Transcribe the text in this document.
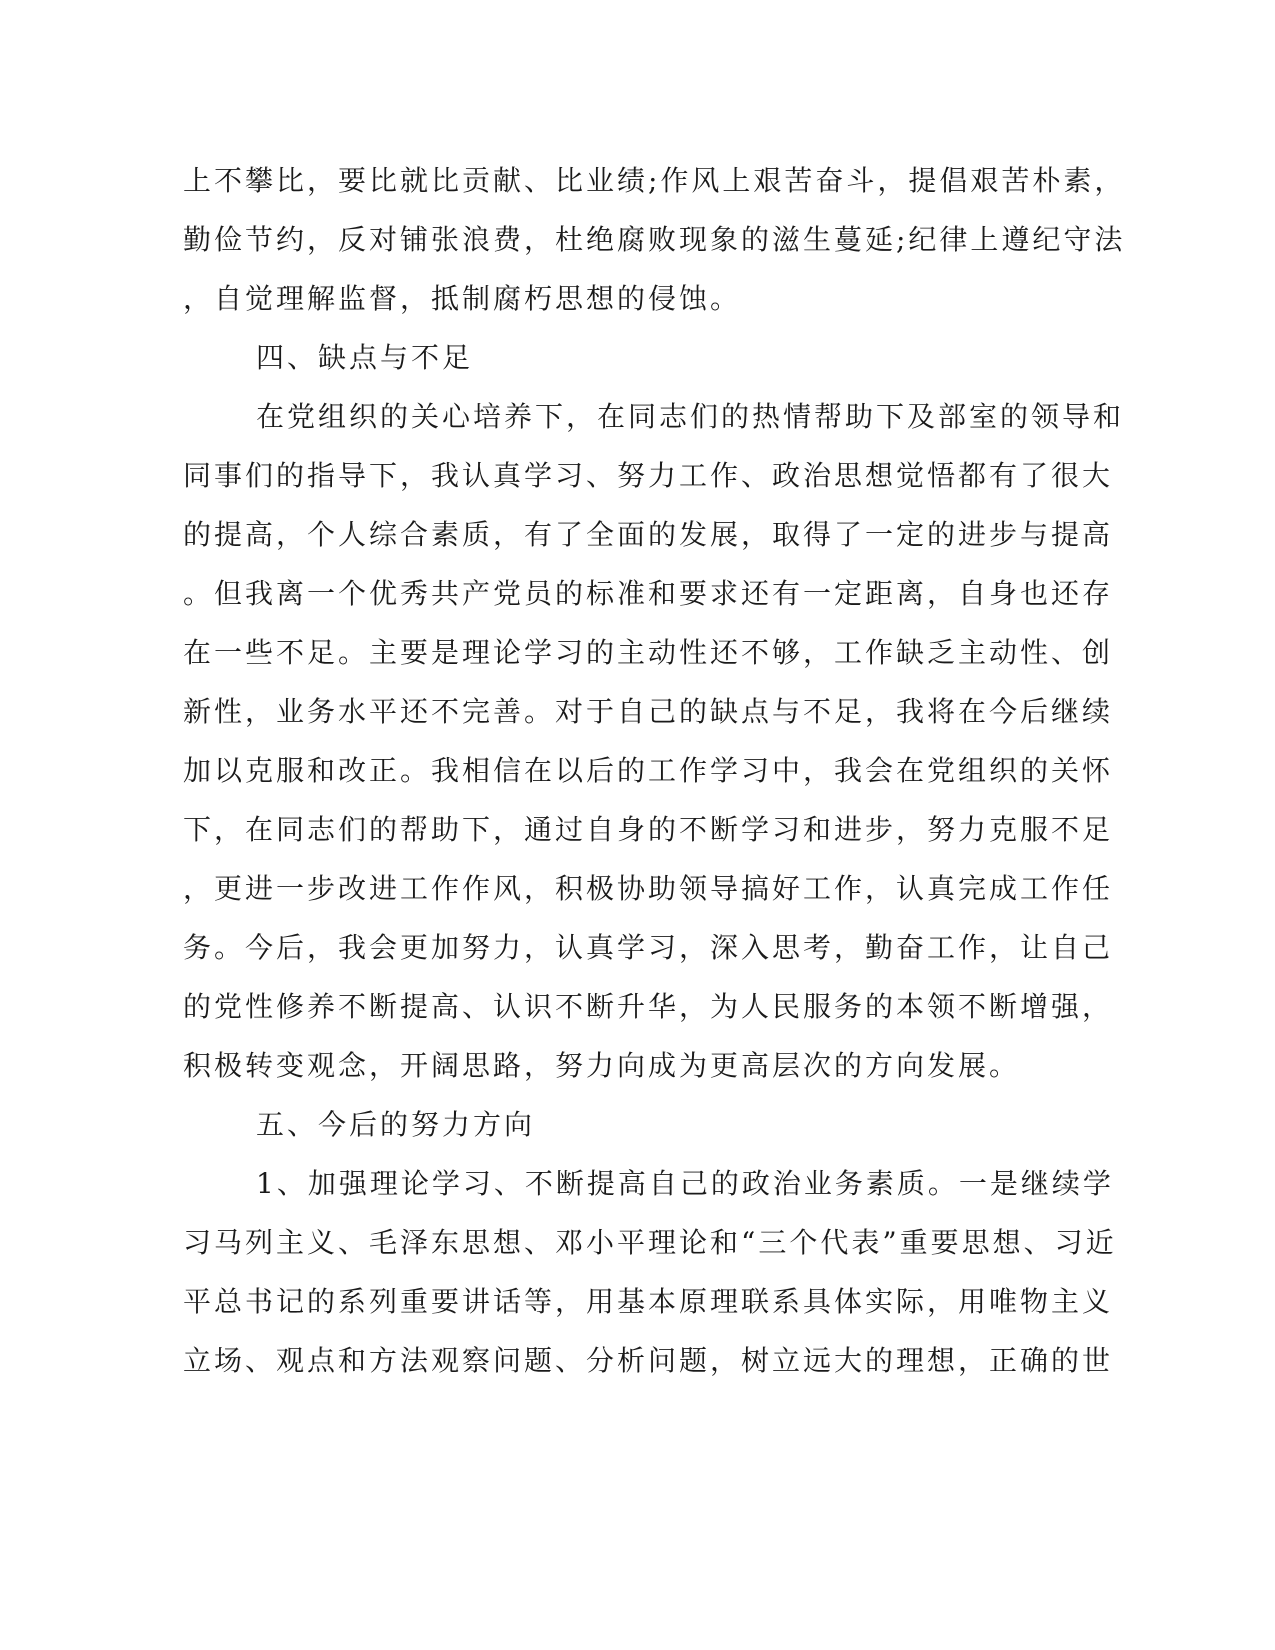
上不攀比，要比就比贡献、比业绩;作风上艰苦奋斗，提倡艰苦朴素，
勤俭节约，反对铺张浪费，杜绝腐败现象的滋生蔓延;纪律上遵纪守法
，自觉理解监督，抵制腐朽思想的侵蚀。
四、缺点与不足
在党组织的关心培养下，在同志们的热情帮助下及部室的领导和
同事们的指导下，我认真学习、努力工作、政治思想觉悟都有了很大
的提高，个人综合素质，有了全面的发展，取得了一定的进步与提高
。但我离一个优秀共产党员的标准和要求还有一定距离，自身也还存
在一些不足。主要是理论学习的主动性还不够，工作缺乏主动性、创
新性，业务水平还不完善。对于自己的缺点与不足，我将在今后继续
加以克服和改正。我相信在以后的工作学习中，我会在党组织的关怀
下，在同志们的帮助下，通过自身的不断学习和进步，努力克服不足
，更进一步改进工作作风，积极协助领导搞好工作，认真完成工作任
务。今后，我会更加努力，认真学习，深入思考，勤奋工作，让自己
的党性修养不断提高、认识不断升华，为人民服务的本领不断增强，
积极转变观念，开阔思路，努力向成为更高层次的方向发展。
五、今后的努力方向
1、加强理论学习、不断提高自己的政治业务素质。一是继续学
习马列主义、毛泽东思想、邓小平理论和“三个代表”重要思想、习近
平总书记的系列重要讲话等，用基本原理联系具体实际，用唯物主义
立场、观点和方法观察问题、分析问题，树立远大的理想，正确的世
